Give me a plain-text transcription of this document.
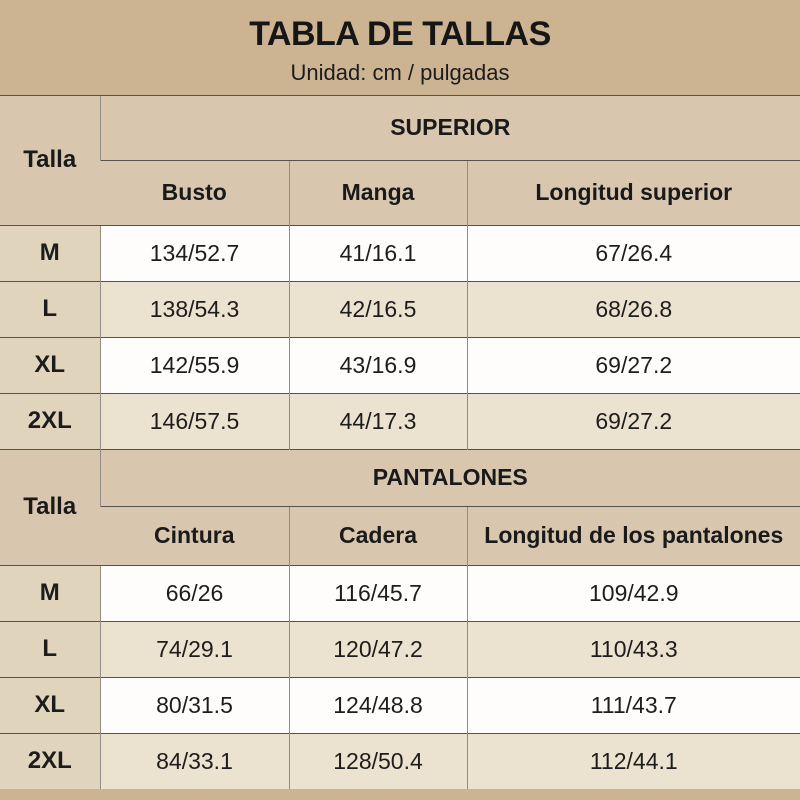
TABLA DE TALLAS
Unidad: cm / pulgadas
Talla	SUPERIOR		
	Busto	Manga	Longitud superior
M	134/52.7	41/16.1	67/26.4
L	138/54.3	42/16.5	68/26.8
XL	142/55.9	43/16.9	69/27.2
2XL	146/57.5	44/17.3	69/27.2
Talla	PANTALONES		
	Cintura	Cadera	Longitud de los pantalones
M	66/26	116/45.7	109/42.9
L	74/29.1	120/47.2	110/43.3
XL	80/31.5	124/48.8	111/43.7
2XL	84/33.1	128/50.4	112/44.1
